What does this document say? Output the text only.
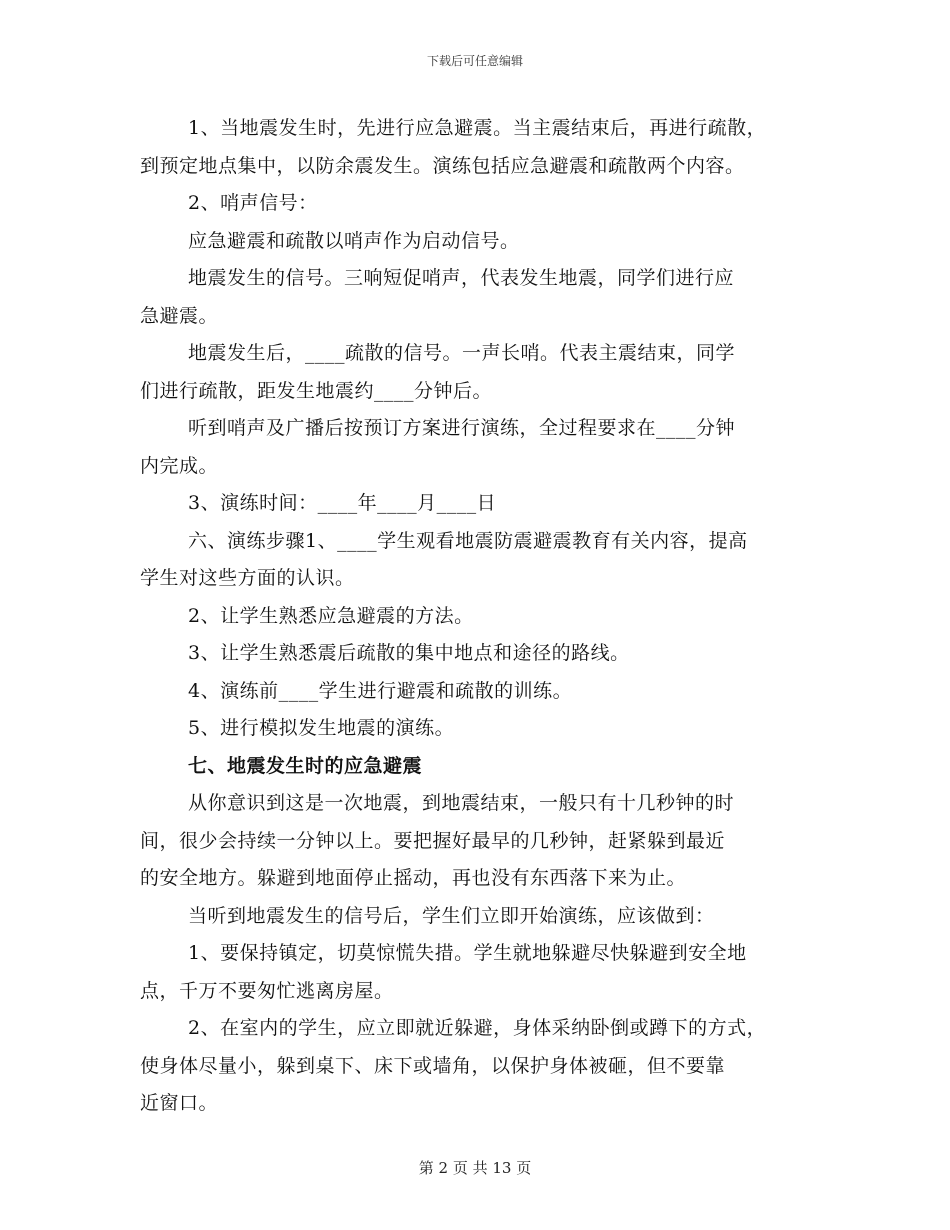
下载后可任意编辑
1、当地震发生时，先进行应急避震。当主震结束后，再进行疏散，
到预定地点集中，以防余震发生。演练包括应急避震和疏散两个内容。
2、哨声信号：
应急避震和疏散以哨声作为启动信号。
地震发生的信号。三响短促哨声，代表发生地震，同学们进行应
急避震。
地震发生后，____疏散的信号。一声长哨。代表主震结束，同学
们进行疏散，距发生地震约____分钟后。
听到哨声及广播后按预订方案进行演练，全过程要求在____分钟
内完成。
3、演练时间：____年____月____日
六、演练步骤1、____学生观看地震防震避震教育有关内容，提高
学生对这些方面的认识。
2、让学生熟悉应急避震的方法。
3、让学生熟悉震后疏散的集中地点和途径的路线。
4、演练前____学生进行避震和疏散的训练。
5、进行模拟发生地震的演练。
七、地震发生时的应急避震
从你意识到这是一次地震，到地震结束，一般只有十几秒钟的时
间，很少会持续一分钟以上。要把握好最早的几秒钟，赶紧躲到最近
的安全地方。躲避到地面停止摇动，再也没有东西落下来为止。
当听到地震发生的信号后，学生们立即开始演练，应该做到：
1、要保持镇定，切莫惊慌失措。学生就地躲避尽快躲避到安全地
点，千万不要匆忙逃离房屋。
2、在室内的学生，应立即就近躲避，身体采纳卧倒或蹲下的方式，
使身体尽量小，躲到桌下、床下或墙角，以保护身体被砸，但不要靠
近窗口。
第 2 页 共 13 页
